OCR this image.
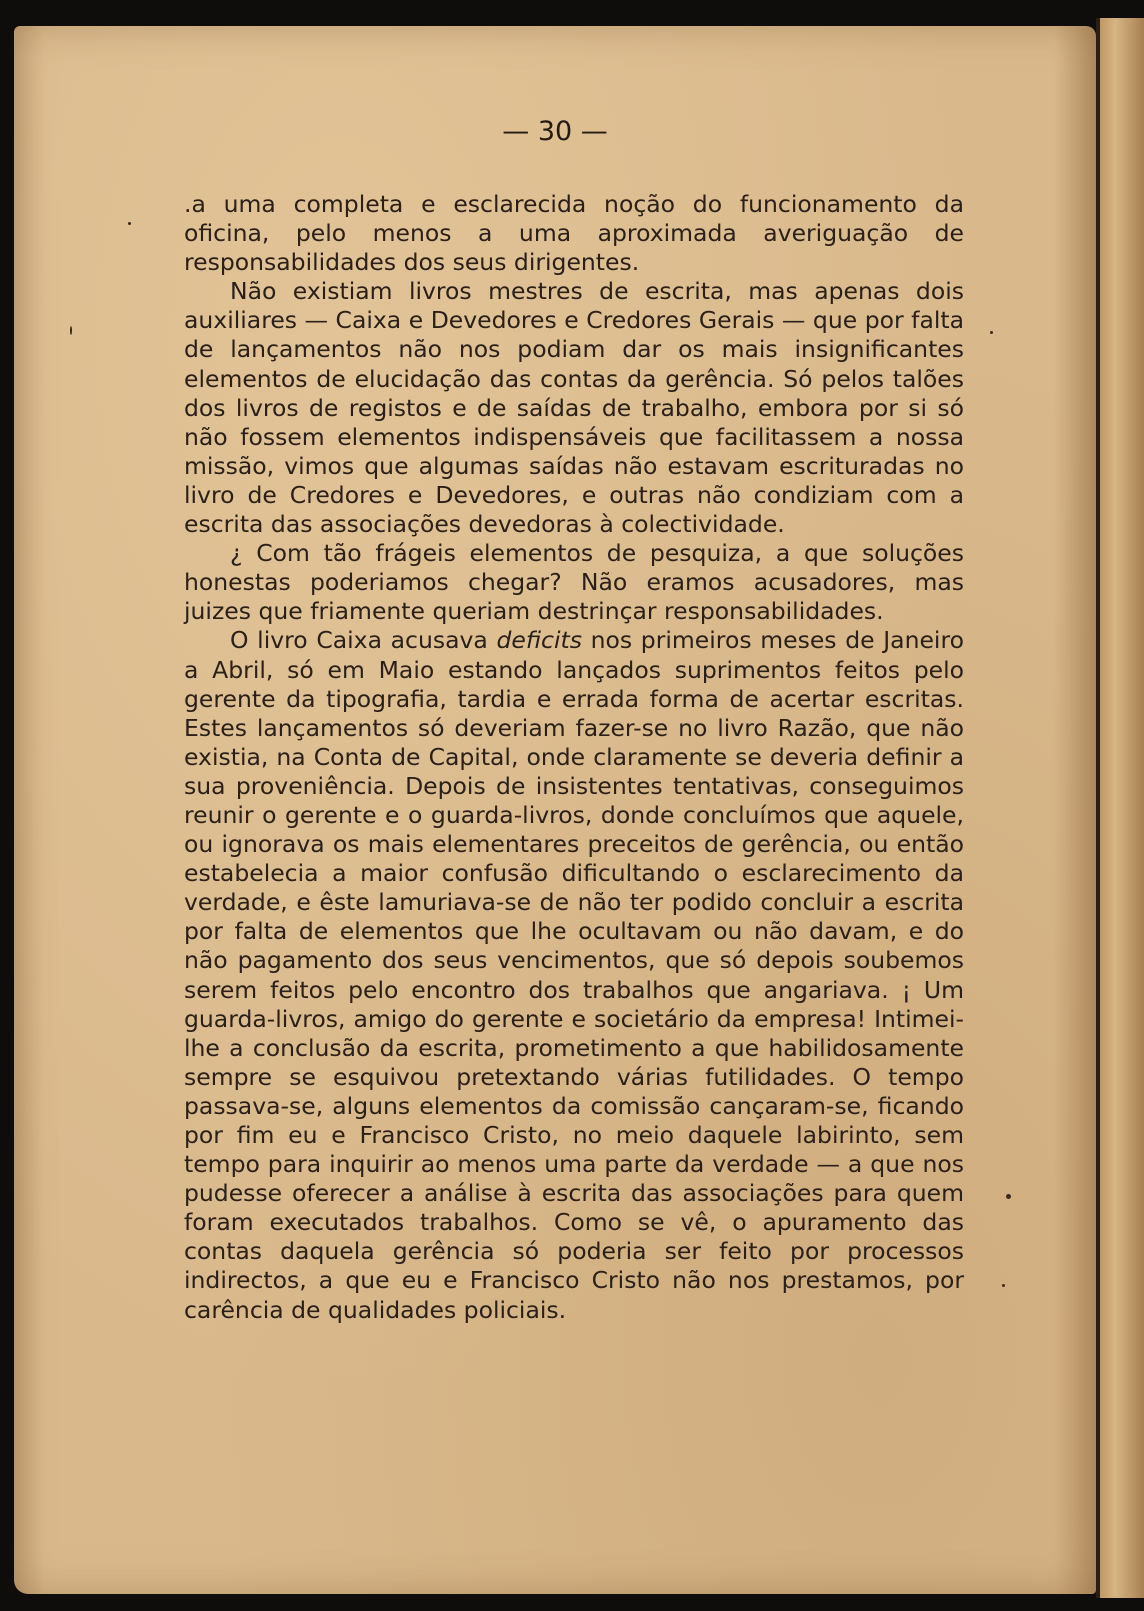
— 30 —

.a uma completa e esclarecida noção do funcionamento da oficina, pelo menos a uma aproximada averiguação de responsabilidades dos seus dirigentes.

Não existiam livros mestres de escrita, mas apenas dois auxiliares — Caixa e Devedores e Credores Gerais — que por falta de lançamentos não nos podiam dar os mais insignificantes elementos de elucidação das contas da gerência. Só pelos talões dos livros de registos e de saídas de trabalho, embora por si só não fossem elementos indispensáveis que facilitassem a nossa missão, vimos que algumas saídas não estavam escrituradas no livro de Credores e Devedores, e outras não condiziam com a escrita das associações devedoras à colectividade.

¿ Com tão frágeis elementos de pesquiza, a que soluções honestas poderiamos chegar? Não eramos acusadores, mas juizes que friamente queriam destrinçar responsabilidades.

O livro Caixa acusava deficits nos primeiros meses de Janeiro a Abril, só em Maio estando lançados suprimentos feitos pelo gerente da tipografia, tardia e errada forma de acertar escritas. Estes lançamentos só deveriam fazer-se no livro Razão, que não existia, na Conta de Capital, onde claramente se deveria definir a sua proveniência. Depois de insistentes tentativas, conseguimos reunir o gerente e o guarda-livros, donde concluímos que aquele, ou ignorava os mais elementares preceitos de gerência, ou então estabelecia a maior confusão dificultando o esclarecimento da verdade, e êste lamuriava-se de não ter podido concluir a escrita por falta de elementos que lhe ocultavam ou não davam, e do não pagamento dos seus vencimentos, que só depois soubemos serem feitos pelo encontro dos trabalhos que angariava. ¡ Um guarda-livros, amigo do gerente e societário da empresa! Intimei-lhe a conclusão da escrita, prometimento a que habilidosamente sempre se esquivou pretextando várias futilidades. O tempo passava-se, alguns elementos da comissão cançaram-se, ficando por fim eu e Francisco Cristo, no meio daquele labirinto, sem tempo para inquirir ao menos uma parte da verdade — a que nos pudesse oferecer a análise à escrita das associações para quem foram executados trabalhos. Como se vê, o apuramento das contas daquela gerência só poderia ser feito por processos indirectos, a que eu e Francisco Cristo não nos prestamos, por carência de qualidades policiais.
